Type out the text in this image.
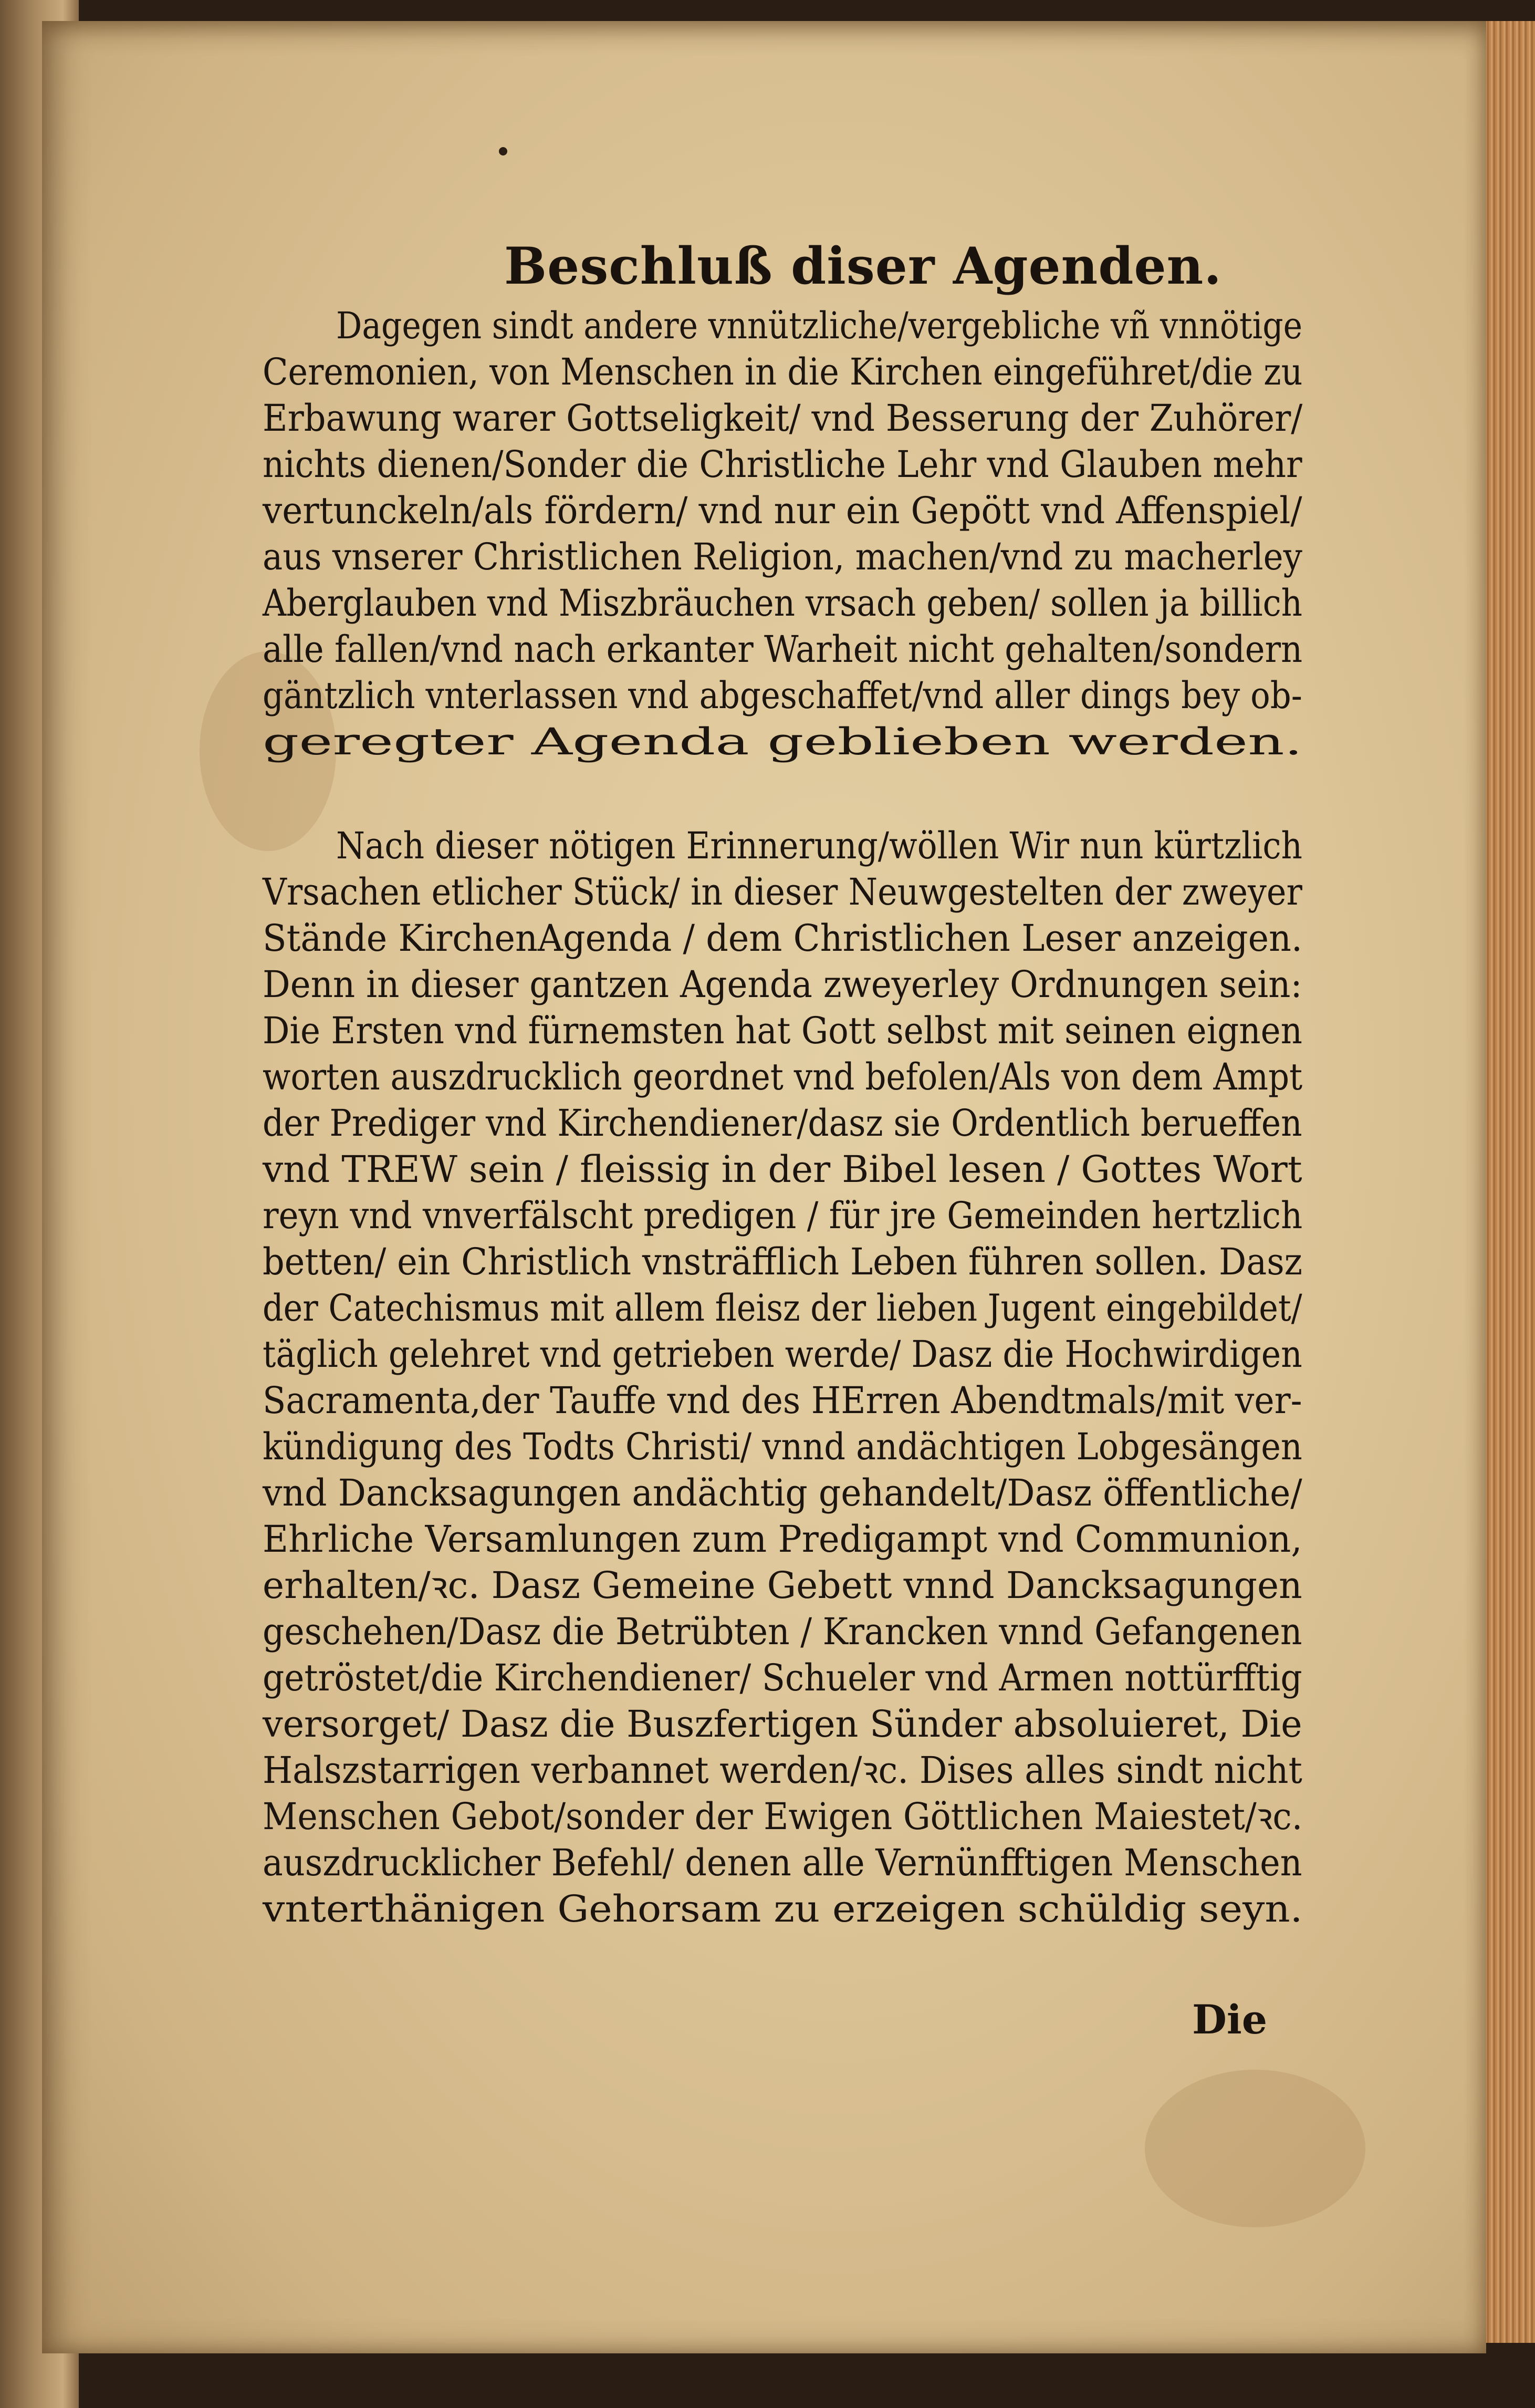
Beschluß diser Agenden.
Dagegen sindt andere vnnützliche/vergebliche vñ vnnötige
Ceremonien, von Menschen in die Kirchen eingeführet/die zu
Erbawung warer Gottseligkeit/ vnd Besserung der Zuhörer/
nichts dienen/Sonder die Christliche Lehr vnd Glauben mehr
vertunckeln/als fördern/ vnd nur ein Gepött vnd Affenspiel/
aus vnserer Christlichen Religion, machen/vnd zu macherley
Aberglauben vnd Miszbräuchen vrsach geben/ sollen ja billich
alle fallen/vnd nach erkanter Warheit nicht gehalten/sondern
gäntzlich vnterlassen vnd abgeschaffet/vnd aller dings bey ob-
geregter Agenda geblieben werden.
Nach dieser nötigen Erinnerung/wöllen Wir nun kürtzlich
Vrsachen etlicher Stück/ in dieser Neuwgestelten der zweyer
Stände KirchenAgenda / dem Christlichen Leser anzeigen.
Denn in dieser gantzen Agenda zweyerley Ordnungen sein:
Die Ersten vnd fürnemsten hat Gott selbst mit seinen eignen
worten auszdrucklich geordnet vnd befolen/Als von dem Ampt
der Prediger vnd Kirchendiener/dasz sie Ordentlich berueffen
vnd TREW sein / fleissig in der Bibel lesen / Gottes Wort
reyn vnd vnverfälscht predigen / für jre Gemeinden hertzlich
betten/ ein Christlich vnsträfflich Leben führen sollen. Dasz
der Catechismus mit allem fleisz der lieben Jugent eingebildet/
täglich gelehret vnd getrieben werde/ Dasz die Hochwirdigen
Sacramenta,der Tauffe vnd des HErren Abendtmals/mit ver-
kündigung des Todts Christi/ vnnd andächtigen Lobgesängen
vnd Dancksagungen andächtig gehandelt/Dasz öffentliche/
Ehrliche Versamlungen zum Predigampt vnd Communion,
erhalten/ꝛc. Dasz Gemeine Gebett vnnd Dancksagungen
geschehen/Dasz die Betrübten / Krancken vnnd Gefangenen
getröstet/die Kirchendiener/ Schueler vnd Armen nottürfftig
versorget/ Dasz die Buszfertigen Sünder absoluieret, Die
Halszstarrigen verbannet werden/ꝛc. Dises alles sindt nicht
Menschen Gebot/sonder der Ewigen Göttlichen Maiestet/ꝛc.
auszdrucklicher Befehl/ denen alle Vernünfftigen Menschen
vnterthänigen Gehorsam zu erzeigen schüldig seyn.
Die
